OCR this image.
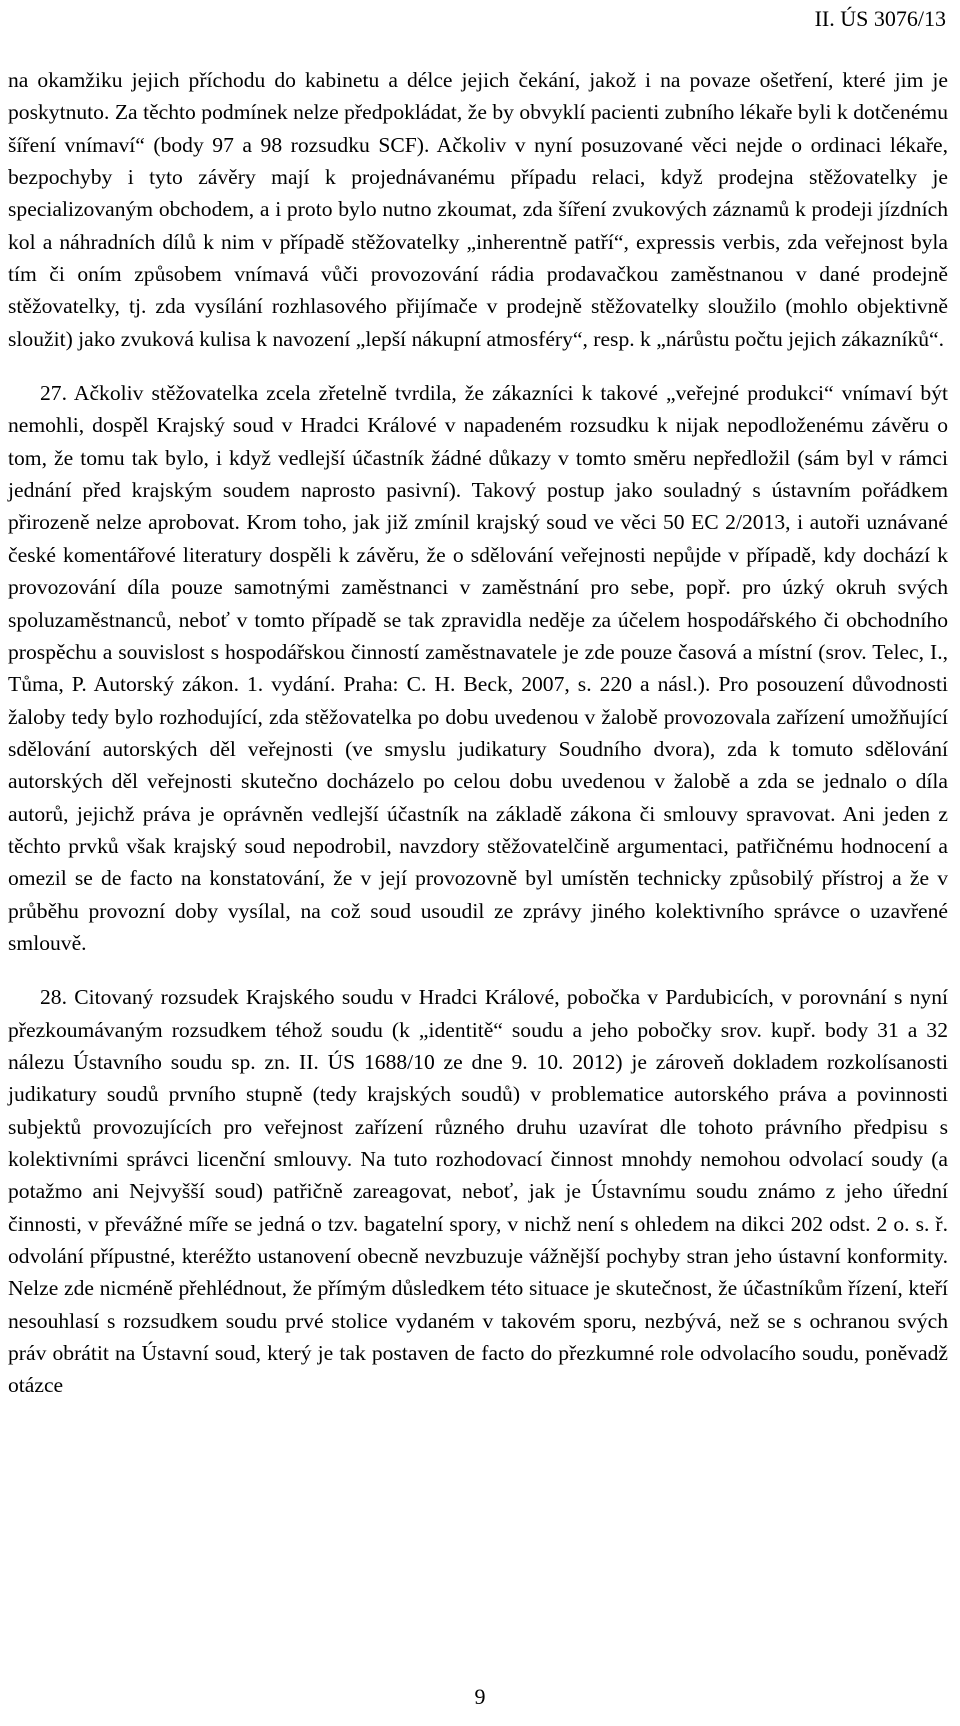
II. ÚS 3076/13

na okamžiku jejich příchodu do kabinetu a délce jejich čekání, jakož i na povaze ošetření, které jim je poskytnuto. Za těchto podmínek nelze předpokládat, že by obvyklí pacienti zubního lékaře byli k dotčenému šíření vnímaví“ (body 97 a 98 rozsudku SCF). Ačkoliv v nyní posuzované věci nejde o ordinaci lékaře, bezpochyby i tyto závěry mají k projednávanému případu relaci, když prodejna stěžovatelky je specializovaným obchodem, a i proto bylo nutno zkoumat, zda šíření zvukových záznamů k prodeji jízdních kol a náhradních dílů k nim v případě stěžovatelky „inherentně patří“, expressis verbis, zda veřejnost byla tím či oním způsobem vnímavá vůči provozování rádia prodavačkou zaměstnanou v dané prodejně stěžovatelky, tj. zda vysílání rozhlasového přijímače v prodejně stěžovatelky sloužilo (mohlo objektivně sloužit) jako zvuková kulisa k navození „lepší nákupní atmosféry“, resp. k „nárůstu počtu jejich zákazníků“.

27. Ačkoliv stěžovatelka zcela zřetelně tvrdila, že zákazníci k takové „veřejné produkci“ vnímaví být nemohli, dospěl Krajský soud v Hradci Králové v napadeném rozsudku k nijak nepodloženému závěru o tom, že tomu tak bylo, i když vedlejší účastník žádné důkazy v tomto směru nepředložil (sám byl v rámci jednání před krajským soudem naprosto pasivní). Takový postup jako souladný s ústavním pořádkem přirozeně nelze aprobovat. Krom toho, jak již zmínil krajský soud ve věci 50 EC 2/2013, i autoři uznávané české komentářové literatury dospěli k závěru, že o sdělování veřejnosti nepůjde v případě, kdy dochází k provozování díla pouze samotnými zaměstnanci v zaměstnání pro sebe, popř. pro úzký okruh svých spoluzaměstnanců, neboť v tomto případě se tak zpravidla neděje za účelem hospodářského či obchodního prospěchu a souvislost s hospodářskou činností zaměstnavatele je zde pouze časová a místní (srov. Telec, I., Tůma, P. Autorský zákon. 1. vydání. Praha: C. H. Beck, 2007, s. 220 a násl.). Pro posouzení důvodnosti žaloby tedy bylo rozhodující, zda stěžovatelka po dobu uvedenou v žalobě provozovala zařízení umožňující sdělování autorských děl veřejnosti (ve smyslu judikatury Soudního dvora), zda k tomuto sdělování autorských děl veřejnosti skutečno docházelo po celou dobu uvedenou v žalobě a zda se jednalo o díla autorů, jejichž práva je oprávněn vedlejší účastník na základě zákona či smlouvy spravovat. Ani jeden z těchto prvků však krajský soud nepodrobil, navzdory stěžovatelčině argumentaci, patřičnému hodnocení a omezil se de facto na konstatování, že v její provozovně byl umístěn technicky způsobilý přístroj a že v průběhu provozní doby vysílal, na což soud usoudil ze zprávy jiného kolektivního správce o uzavřené smlouvě.

28. Citovaný rozsudek Krajského soudu v Hradci Králové, pobočka v Pardubicích, v porovnání s nyní přezkoumávaným rozsudkem téhož soudu (k „identitě“ soudu a jeho pobočky srov. kupř. body 31 a 32 nálezu Ústavního soudu sp. zn. II. ÚS 1688/10 ze dne 9. 10. 2012) je zároveň dokladem rozkolísanosti judikatury soudů prvního stupně (tedy krajských soudů) v problematice autorského práva a povinnosti subjektů provozujících pro veřejnost zařízení různého druhu uzavírat dle tohoto právního předpisu s kolektivními správci licenční smlouvy. Na tuto rozhodovací činnost mnohdy nemohou odvolací soudy (a potažmo ani Nejvyšší soud) patřičně zareagovat, neboť, jak je Ústavnímu soudu známo z jeho úřední činnosti, v převážné míře se jedná o tzv. bagatelní spory, v nichž není s ohledem na dikci 202 odst. 2 o. s. ř. odvolání přípustné, kteréžto ustanovení obecně nevzbuzuje vážnější pochyby stran jeho ústavní konformity. Nelze zde nicméně přehlédnout, že přímým důsledkem této situace je skutečnost, že účastníkům řízení, kteří nesouhlasí s rozsudkem soudu prvé stolice vydaném v takovém sporu, nezbývá, než se s ochranou svých práv obrátit na Ústavní soud, který je tak postaven de facto do přezkumné role odvolacího soudu, poněvadž otázce

9
